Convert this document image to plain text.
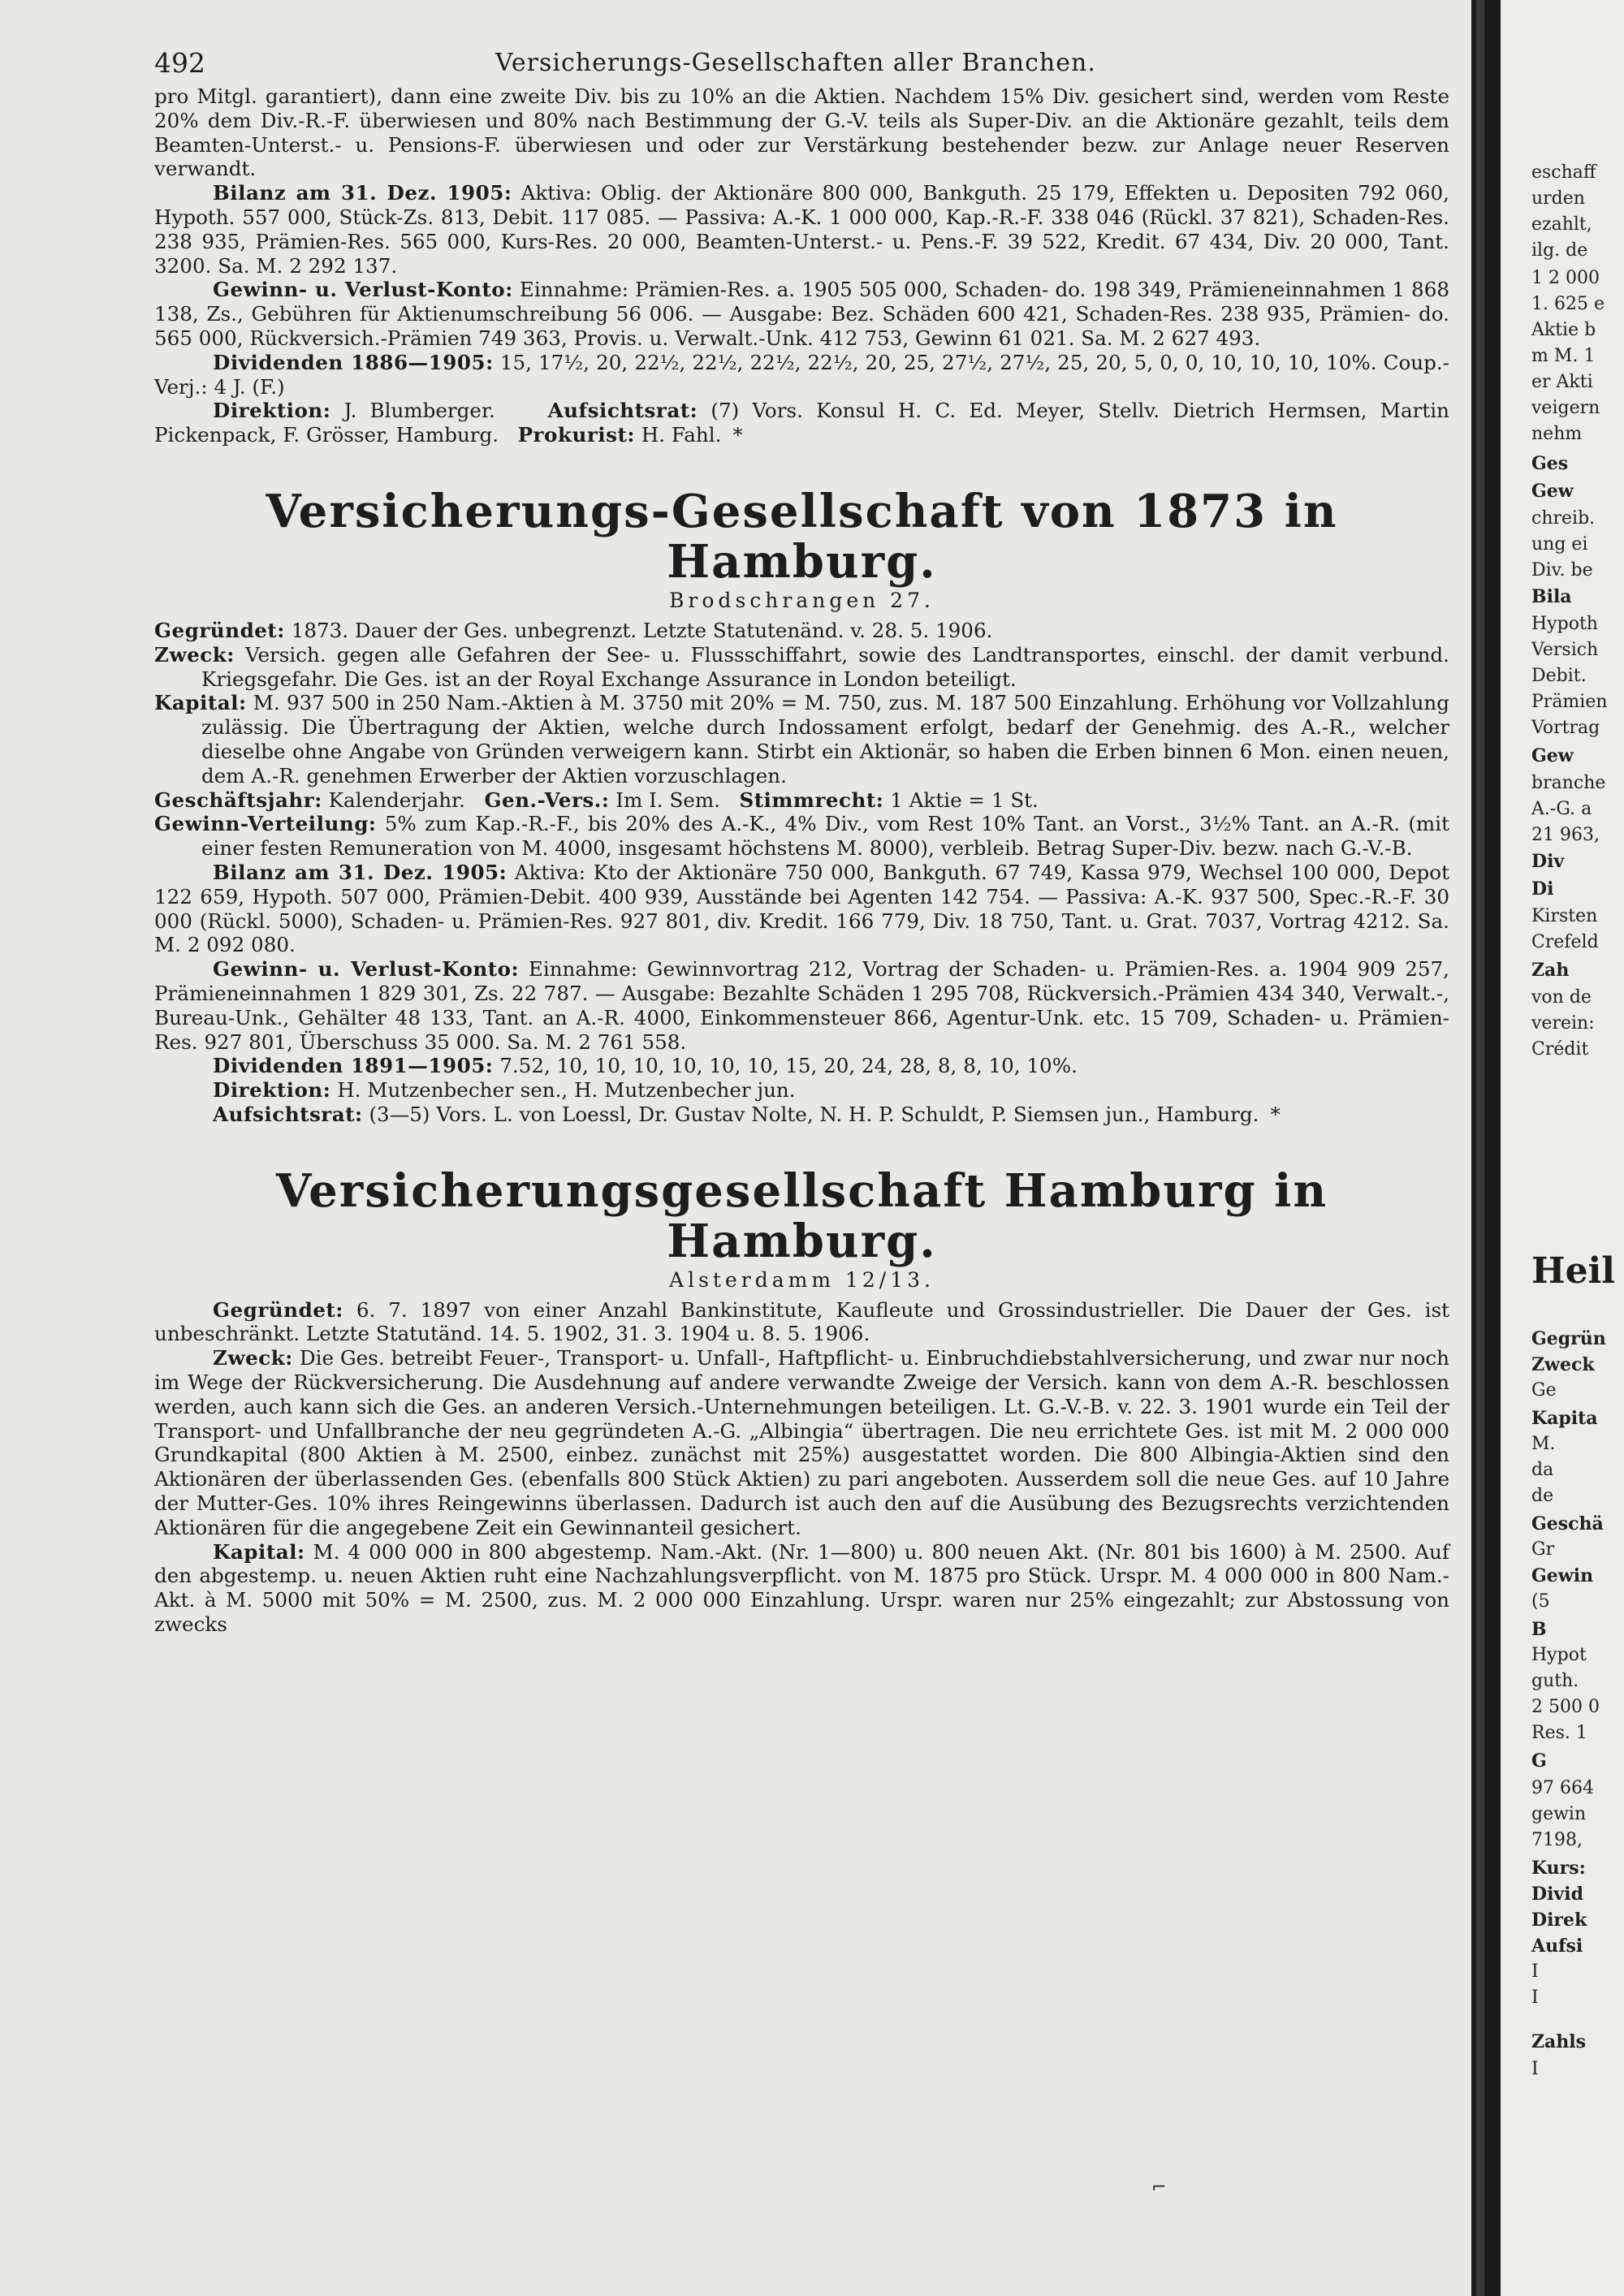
492	Versicherungs-Gesellschaften aller Branchen.

pro Mitgl. garantiert), dann eine zweite Div. bis zu 10% an die Aktien. Nachdem 15% Div. gesichert sind, werden vom Reste 20% dem Div.-R.-F. überwiesen und 80% nach Bestimmung der G.-V. teils als Super-Div. an die Aktionäre gezahlt, teils dem Beamten-Unterst.- u. Pensions-F. überwiesen und oder zur Verstärkung bestehender bezw. zur Anlage neuer Reserven verwandt.

Bilanz am 31. Dez. 1905: Aktiva: Oblig. der Aktionäre 800 000, Bankguth. 25 179, Effekten u. Depositen 792 060, Hypoth. 557 000, Stück-Zs. 813, Debit. 117 085. — Passiva: A.-K. 1 000 000, Kap.-R.-F. 338 046 (Rückl. 37 821), Schaden-Res. 238 935, Prämien-Res. 565 000, Kurs-Res. 20 000, Beamten-Unterst.- u. Pens.-F. 39 522, Kredit. 67 434, Div. 20 000, Tant. 3200. Sa. M. 2 292 137.

Gewinn- u. Verlust-Konto: Einnahme: Prämien-Res. a. 1905 505 000, Schaden- do. 198 349, Prämieneinnahmen 1 868 138, Zs., Gebühren für Aktienumschreibung 56 006. — Ausgabe: Bez. Schäden 600 421, Schaden-Res. 238 935, Prämien- do. 565 000, Rückversich.-Prämien 749 363, Provis. u. Verwalt.-Unk. 412 753, Gewinn 61 021. Sa. M. 2 627 493.

Dividenden 1886—1905: 15, 17½, 20, 22½, 22½, 22½, 22½, 20, 25, 27½, 27½, 25, 20, 5, 0, 0, 10, 10, 10, 10%. Coup.-Verj.: 4 J. (F.)

Direktion: J. Blumberger.	Aufsichtsrat: (7) Vors. Konsul H. C. Ed. Meyer, Stellv. Dietrich Hermsen, Martin Pickenpack, F. Grösser, Hamburg. Prokurist: H. Fahl. *

Versicherungs-Gesellschaft von 1873 in Hamburg.
Brodschrangen 27.

Gegründet: 1873. Dauer der Ges. unbegrenzt. Letzte Statutenänd. v. 28. 5. 1906.

Zweck: Versich. gegen alle Gefahren der See- u. Flussschiffahrt, sowie des Landtransportes, einschl. der damit verbund. Kriegsgefahr. Die Ges. ist an der Royal Exchange Assurance in London beteiligt.

Kapital: M. 937 500 in 250 Nam.-Aktien à M. 3750 mit 20% = M. 750, zus. M. 187 500 Einzahlung. Erhöhung vor Vollzahlung zulässig. Die Übertragung der Aktien, welche durch Indossament erfolgt, bedarf der Genehmig. des A.-R., welcher dieselbe ohne Angabe von Gründen verweigern kann. Stirbt ein Aktionär, so haben die Erben binnen 6 Mon. einen neuen, dem A.-R. genehmen Erwerber der Aktien vorzuschlagen.

Geschäftsjahr: Kalenderjahr. Gen.-Vers.: Im I. Sem. Stimmrecht: 1 Aktie = 1 St.

Gewinn-Verteilung: 5% zum Kap.-R.-F., bis 20% des A.-K., 4% Div., vom Rest 10% Tant. an Vorst., 3½% Tant. an A.-R. (mit einer festen Remuneration von M. 4000, insgesamt höchstens M. 8000), verbleib. Betrag Super-Div. bezw. nach G.-V.-B.

Bilanz am 31. Dez. 1905: Aktiva: Kto der Aktionäre 750 000, Bankguth. 67 749, Kassa 979, Wechsel 100 000, Depot 122 659, Hypoth. 507 000, Prämien-Debit. 400 939, Ausstände bei Agenten 142 754. — Passiva: A.-K. 937 500, Spec.-R.-F. 30 000 (Rückl. 5000), Schaden- u. Prämien-Res. 927 801, div. Kredit. 166 779, Div. 18 750, Tant. u. Grat. 7037, Vortrag 4212. Sa. M. 2 092 080.

Gewinn- u. Verlust-Konto: Einnahme: Gewinnvortrag 212, Vortrag der Schaden- u. Prämien-Res. a. 1904 909 257, Prämieneinnahmen 1 829 301, Zs. 22 787. — Ausgabe: Bezahlte Schäden 1 295 708, Rückversich.-Prämien 434 340, Verwalt.-, Bureau-Unk., Gehälter 48 133, Tant. an A.-R. 4000, Einkommensteuer 866, Agentur-Unk. etc. 15 709, Schaden- u. Prämien-Res. 927 801, Überschuss 35 000. Sa. M. 2 761 558.

Dividenden 1891—1905: 7.52, 10, 10, 10, 10, 10, 10, 15, 20, 24, 28, 8, 8, 10, 10%.

Direktion: H. Mutzenbecher sen., H. Mutzenbecher jun.

Aufsichtsrat: (3—5) Vors. L. von Loessl, Dr. Gustav Nolte, N. H. P. Schuldt, P. Siemsen jun., Hamburg. *

Versicherungsgesellschaft Hamburg in Hamburg.
Alsterdamm 12/13.

Gegründet: 6. 7. 1897 von einer Anzahl Bankinstitute, Kaufleute und Grossindustrieller. Die Dauer der Ges. ist unbeschränkt. Letzte Statutänd. 14. 5. 1902, 31. 3. 1904 u. 8. 5. 1906.

Zweck: Die Ges. betreibt Feuer-, Transport- u. Unfall-, Haftpflicht- u. Einbruchdiebstahlversicherung, und zwar nur noch im Wege der Rückversicherung. Die Ausdehnung auf andere verwandte Zweige der Versich. kann von dem A.-R. beschlossen werden, auch kann sich die Ges. an anderen Versich.-Unternehmungen beteiligen. Lt. G.-V.-B. v. 22. 3. 1901 wurde ein Teil der Transport- und Unfallbranche der neu gegründeten A.-G. „Albingia“ übertragen. Die neu errichtete Ges. ist mit M. 2 000 000 Grundkapital (800 Aktien à M. 2500, einbez. zunächst mit 25%) ausgestattet worden. Die 800 Albingia-Aktien sind den Aktionären der überlassenden Ges. (ebenfalls 800 Stück Aktien) zu pari angeboten. Ausserdem soll die neue Ges. auf 10 Jahre der Mutter-Ges. 10% ihres Reingewinns überlassen. Dadurch ist auch den auf die Ausübung des Bezugsrechts verzichtenden Aktionären für die angegebene Zeit ein Gewinnanteil gesichert.

Kapital: M. 4 000 000 in 800 abgestemp. Nam.-Akt. (Nr. 1—800) u. 800 neuen Akt. (Nr. 801 bis 1600) à M. 2500. Auf den abgestemp. u. neuen Aktien ruht eine Nachzahlungsverpflicht. von M. 1875 pro Stück. Urspr. M. 4 000 000 in 800 Nam.-Akt. à M. 5000 mit 50% = M. 2500, zus. M. 2 000 000 Einzahlung. Urspr. waren nur 25% eingezahlt; zur Abstossung von zwecks

⌐
Heil
eschaff
urden
ezahlt,
ilg. de
1 2 000
1. 625 e
Aktie b
m M. 1
er Akti
veigern
nehm
Ges
Gew
chreib.
ung ei
Div. be
Bila
Hypoth
Versich
Debit.
Prämien
Vortrag
Gew
branche
A.-G. a
21 963,
Div
Di
Kirsten
Crefeld
Zah
von de
verein:
Crédit
Gegrün
Zweck
Ge
Kapita
M.
da
de
Geschä
Gr
Gewin
(5
B
Hypot
guth.
2 500 0
Res. 1
G
97 664
gewin
7198,
Kurs:
Divid
Direk
Aufsi
I
I
Zahls
I
